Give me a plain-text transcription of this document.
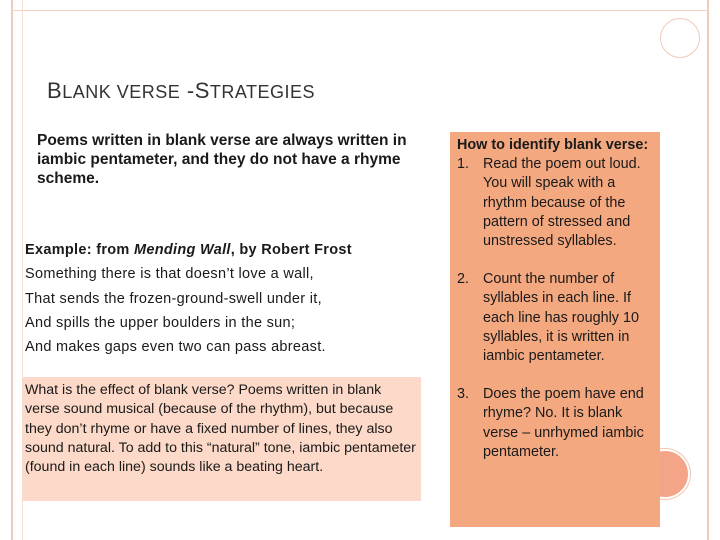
BLANK VERSE -STRATEGIES
Poems written in blank verse are always written in iambic pentameter, and they do not have a rhyme scheme.
Example: from Mending Wall, by Robert Frost
Something there is that doesn’t love a wall,
That sends the frozen-ground-swell under it,
And spills the upper boulders in the sun;
And makes gaps even two can pass abreast.
What is the effect of blank verse? Poems written in blank verse sound musical (because of the rhythm), but because they don’t rhyme or have a fixed number of lines, they also sound natural. To add to this “natural” tone, iambic pentameter (found in each line) sounds like a beating heart.
How to identify blank verse:
1. Read the poem out loud. You will speak with a rhythm because of the pattern of stressed and unstressed syllables.
2. Count the number of syllables in each line. If each line has roughly 10 syllables, it is written in iambic pentameter.
3. Does the poem have end rhyme? No. It is blank verse – unrhymed iambic pentameter.
